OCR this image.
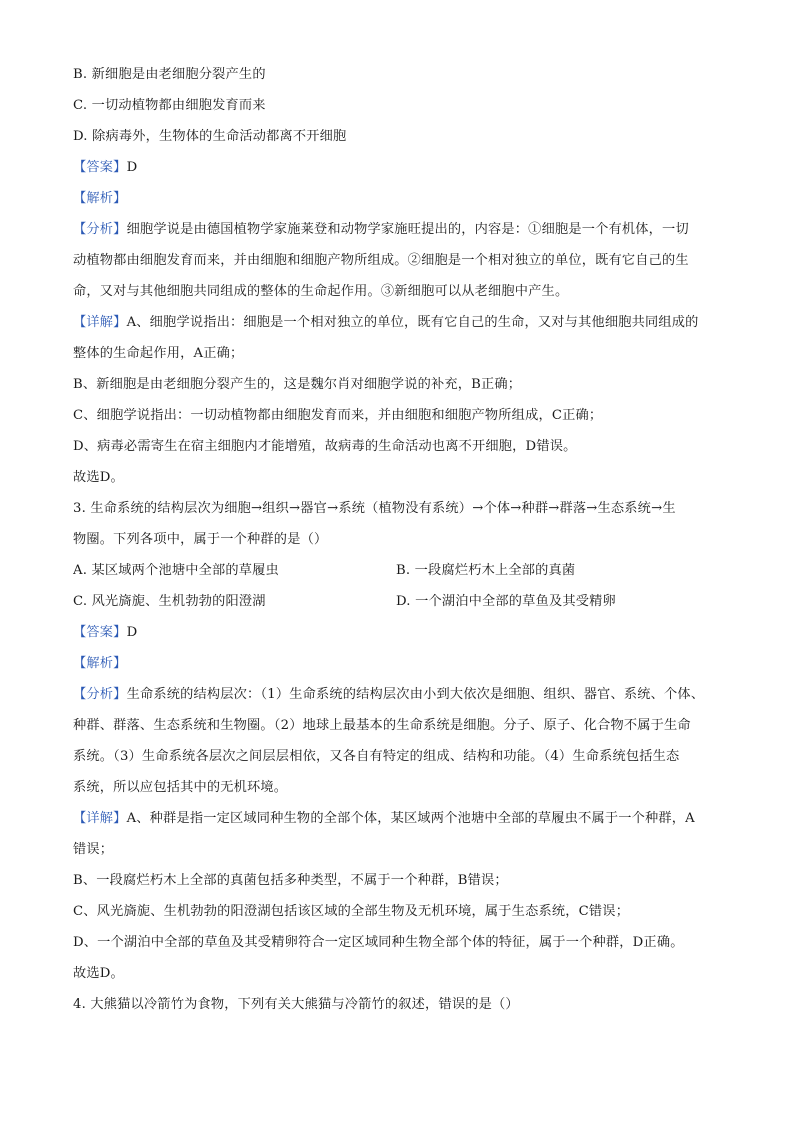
B. 新细胞是由老细胞分裂产生的
C. 一切动植物都由细胞发育而来
D. 除病毒外，生物体的生命活动都离不开细胞
【答案】D
【解析】
【分析】细胞学说是由德国植物学家施莱登和动物学家施旺提出的，内容是：①细胞是一个有机体，一切
动植物都由细胞发育而来，并由细胞和细胞产物所组成。②细胞是一个相对独立的单位，既有它自己的生
命，又对与其他细胞共同组成的整体的生命起作用。③新细胞可以从老细胞中产生。
【详解】A、细胞学说指出：细胞是一个相对独立的单位，既有它自己的生命，又对与其他细胞共同组成的
整体的生命起作用，A正确；
B、新细胞是由老细胞分裂产生的，这是魏尔肖对细胞学说的补充，B正确；
C、细胞学说指出：一切动植物都由细胞发育而来，并由细胞和细胞产物所组成，C正确；
D、病毒必需寄生在宿主细胞内才能增殖，故病毒的生命活动也离不开细胞，D错误。
故选D。
3. 生命系统的结构层次为细胞→组织→器官→系统（植物没有系统）→个体→种群→群落→生态系统→生
物圈。下列各项中，属于一个种群的是（）
A. 某区域两个池塘中全部的草履虫	B. 一段腐烂朽木上全部的真菌
C. 风光旖旎、生机勃勃的阳澄湖	D. 一个湖泊中全部的草鱼及其受精卵
【答案】D
【解析】
【分析】生命系统的结构层次：（1）生命系统的结构层次由小到大依次是细胞、组织、器官、系统、个体、
种群、群落、生态系统和生物圈。（2）地球上最基本的生命系统是细胞。分子、原子、化合物不属于生命
系统。（3）生命系统各层次之间层层相依，又各自有特定的组成、结构和功能。（4）生命系统包括生态
系统，所以应包括其中的无机环境。
【详解】A、种群是指一定区域同种生物的全部个体，某区域两个池塘中全部的草履虫不属于一个种群，A
错误；
B、一段腐烂朽木上全部的真菌包括多种类型，不属于一个种群，B错误；
C、风光旖旎、生机勃勃的阳澄湖包括该区域的全部生物及无机环境，属于生态系统，C错误；
D、一个湖泊中全部的草鱼及其受精卵符合一定区域同种生物全部个体的特征，属于一个种群，D正确。
故选D。
4. 大熊猫以冷箭竹为食物，下列有关大熊猫与冷箭竹的叙述，错误的是（）
